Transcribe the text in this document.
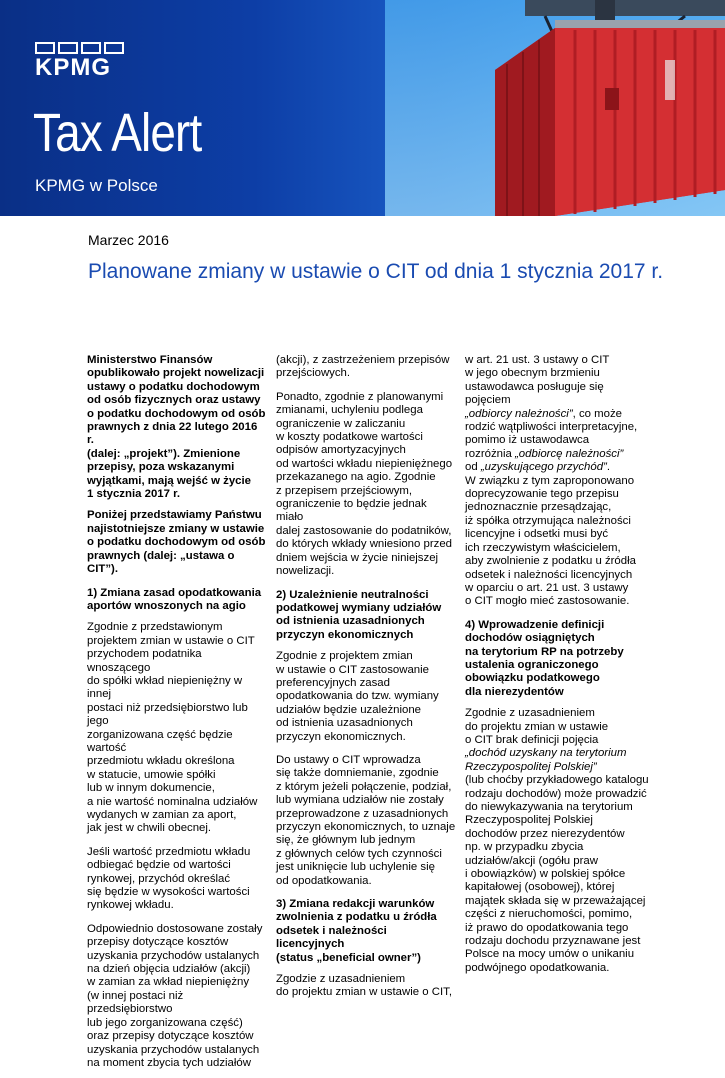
KPMG
Tax Alert
KPMG w Polsce
Marzec 2016
Planowane zmiany w ustawie o CIT od dnia 1 stycznia 2017 r.

Ministerstwo Finansów
opublikowało projekt nowelizacji
ustawy o podatku dochodowym
od osób fizycznych oraz ustawy
o podatku dochodowym od osób
prawnych z dnia 22 lutego 2016 r.
(dalej: „projekt”). Zmienione
przepisy, poza wskazanymi
wyjątkami, mają wejść w życie
1 stycznia 2017 r.

Poniżej przedstawiamy Państwu
najistotniejsze zmiany w ustawie
o podatku dochodowym od osób
prawnych (dalej: „ustawa o CIT”).

1) Zmiana zasad opodatkowania
aportów wnoszonych na agio

Zgodnie z przedstawionym
projektem zmian w ustawie o CIT
przychodem podatnika wnoszącego
do spółki wkład niepieniężny w innej
postaci niż przedsiębiorstwo lub jego
zorganizowana część będzie wartość
przedmiotu wkładu określona
w statucie, umowie spółki
lub w innym dokumencie,
a nie wartość nominalna udziałów
wydanych w zamian za aport,
jak jest w chwili obecnej.

Jeśli wartość przedmiotu wkładu
odbiegać będzie od wartości
rynkowej, przychód określać
się będzie w wysokości wartości
rynkowej wkładu.

Odpowiednio dostosowane zostały
przepisy dotyczące kosztów
uzyskania przychodów ustalanych
na dzień objęcia udziałów (akcji)
w zamian za wkład niepieniężny
(w innej postaci niż przedsiębiorstwo
lub jego zorganizowana część)
oraz przepisy dotyczące kosztów
uzyskania przychodów ustalanych
na moment zbycia tych udziałów

(akcji), z zastrzeżeniem przepisów
przejściowych.

Ponadto, zgodnie z planowanymi
zmianami, uchyleniu podlega
ograniczenie w zaliczaniu
w koszty podatkowe wartości
odpisów amortyzacyjnych
od wartości wkładu niepieniężnego
przekazanego na agio. Zgodnie
z przepisem przejściowym,
ograniczenie to będzie jednak miało
dalej zastosowanie do podatników,
do których wkłady wniesiono przed
dniem wejścia w życie niniejszej
nowelizacji.

2) Uzależnienie neutralności
podatkowej wymiany udziałów
od istnienia uzasadnionych
przyczyn ekonomicznych

Zgodnie z projektem zmian
w ustawie o CIT zastosowanie
preferencyjnych zasad
opodatkowania do tzw. wymiany
udziałów będzie uzależnione
od istnienia uzasadnionych
przyczyn ekonomicznych.

Do ustawy o CIT wprowadza
się także domniemanie, zgodnie
z którym jeżeli połączenie, podział,
lub wymiana udziałów nie zostały
przeprowadzone z uzasadnionych
przyczyn ekonomicznych, to uznaje
się, że głównym lub jednym
z głównych celów tych czynności
jest uniknięcie lub uchylenie się
od opodatkowania.

3) Zmiana redakcji warunków
zwolnienia z podatku u źródła
odsetek i należności licencyjnych
(status „beneficial owner”)

Zgodzie z uzasadnieniem
do projektu zmian w ustawie o CIT,

w art. 21 ust. 3 ustawy o CIT
w jego obecnym brzmieniu
ustawodawca posługuje się pojęciem
„odbiorcy należności”, co może
rodzić wątpliwości interpretacyjne,
pomimo iż ustawodawca
rozróżnia „odbiorcę należności”
od „uzyskującego przychód”.
W związku z tym zaproponowano
doprecyzowanie tego przepisu
jednoznacznie przesądzając,
iż spółka otrzymująca należności
licencyjne i odsetki musi być
ich rzeczywistym właścicielem,
aby zwolnienie z podatku u źródła
odsetek i należności licencyjnych
w oparciu o art. 21 ust. 3 ustawy
o CIT mogło mieć zastosowanie.

4) Wprowadzenie definicji
dochodów osiągniętych
na terytorium RP na potrzeby
ustalenia ograniczonego
obowiązku podatkowego
dla nierezydentów

Zgodnie z uzasadnieniem
do projektu zmian w ustawie
o CIT brak definicji pojęcia
„dochód uzyskany na terytorium
Rzeczypospolitej Polskiej”
(lub choćby przykładowego katalogu
rodzaju dochodów) może prowadzić
do niewykazywania na terytorium
Rzeczypospolitej Polskiej
dochodów przez nierezydentów
np. w przypadku zbycia
udziałów/akcji (ogółu praw
i obowiązków) w polskiej spółce
kapitałowej (osobowej), której
majątek składa się w przeważającej
części z nieruchomości, pomimo,
iż prawo do opodatkowania tego
rodzaju dochodu przyznawane jest
Polsce na mocy umów o unikaniu
podwójnego opodatkowania.
